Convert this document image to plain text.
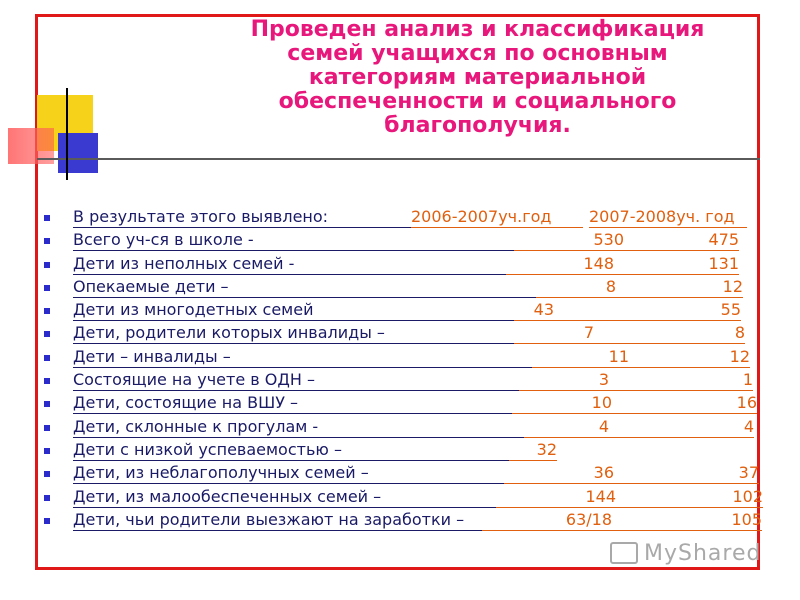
Проведен анализ и классификация
семей учащихся по основным
категориям материальной
обеспеченности и социального
благополучия.
В результате этого выявлено:	2006-2007уч.год	2007-2008уч. год
Всего уч-ся в школе -	530	475
Дети из неполных семей -	148	131
Опекаемые дети –	8	12
Дети из многодетных семей	43	55
Дети, родители которых инвалиды –	7	8
Дети – инвалиды –	11	12
Состоящие на учете в ОДН –	3	1
Дети, состоящие на ВШУ –	10	16
Дети, склонные к прогулам -	4	4
Дети с низкой успеваемостью –	32
Дети, из неблагополучных семей –	36	37
Дети, из малообеспеченных семей –	144	102
Дети, чьи родители выезжают на заработки –	63/18	105
MyShared
